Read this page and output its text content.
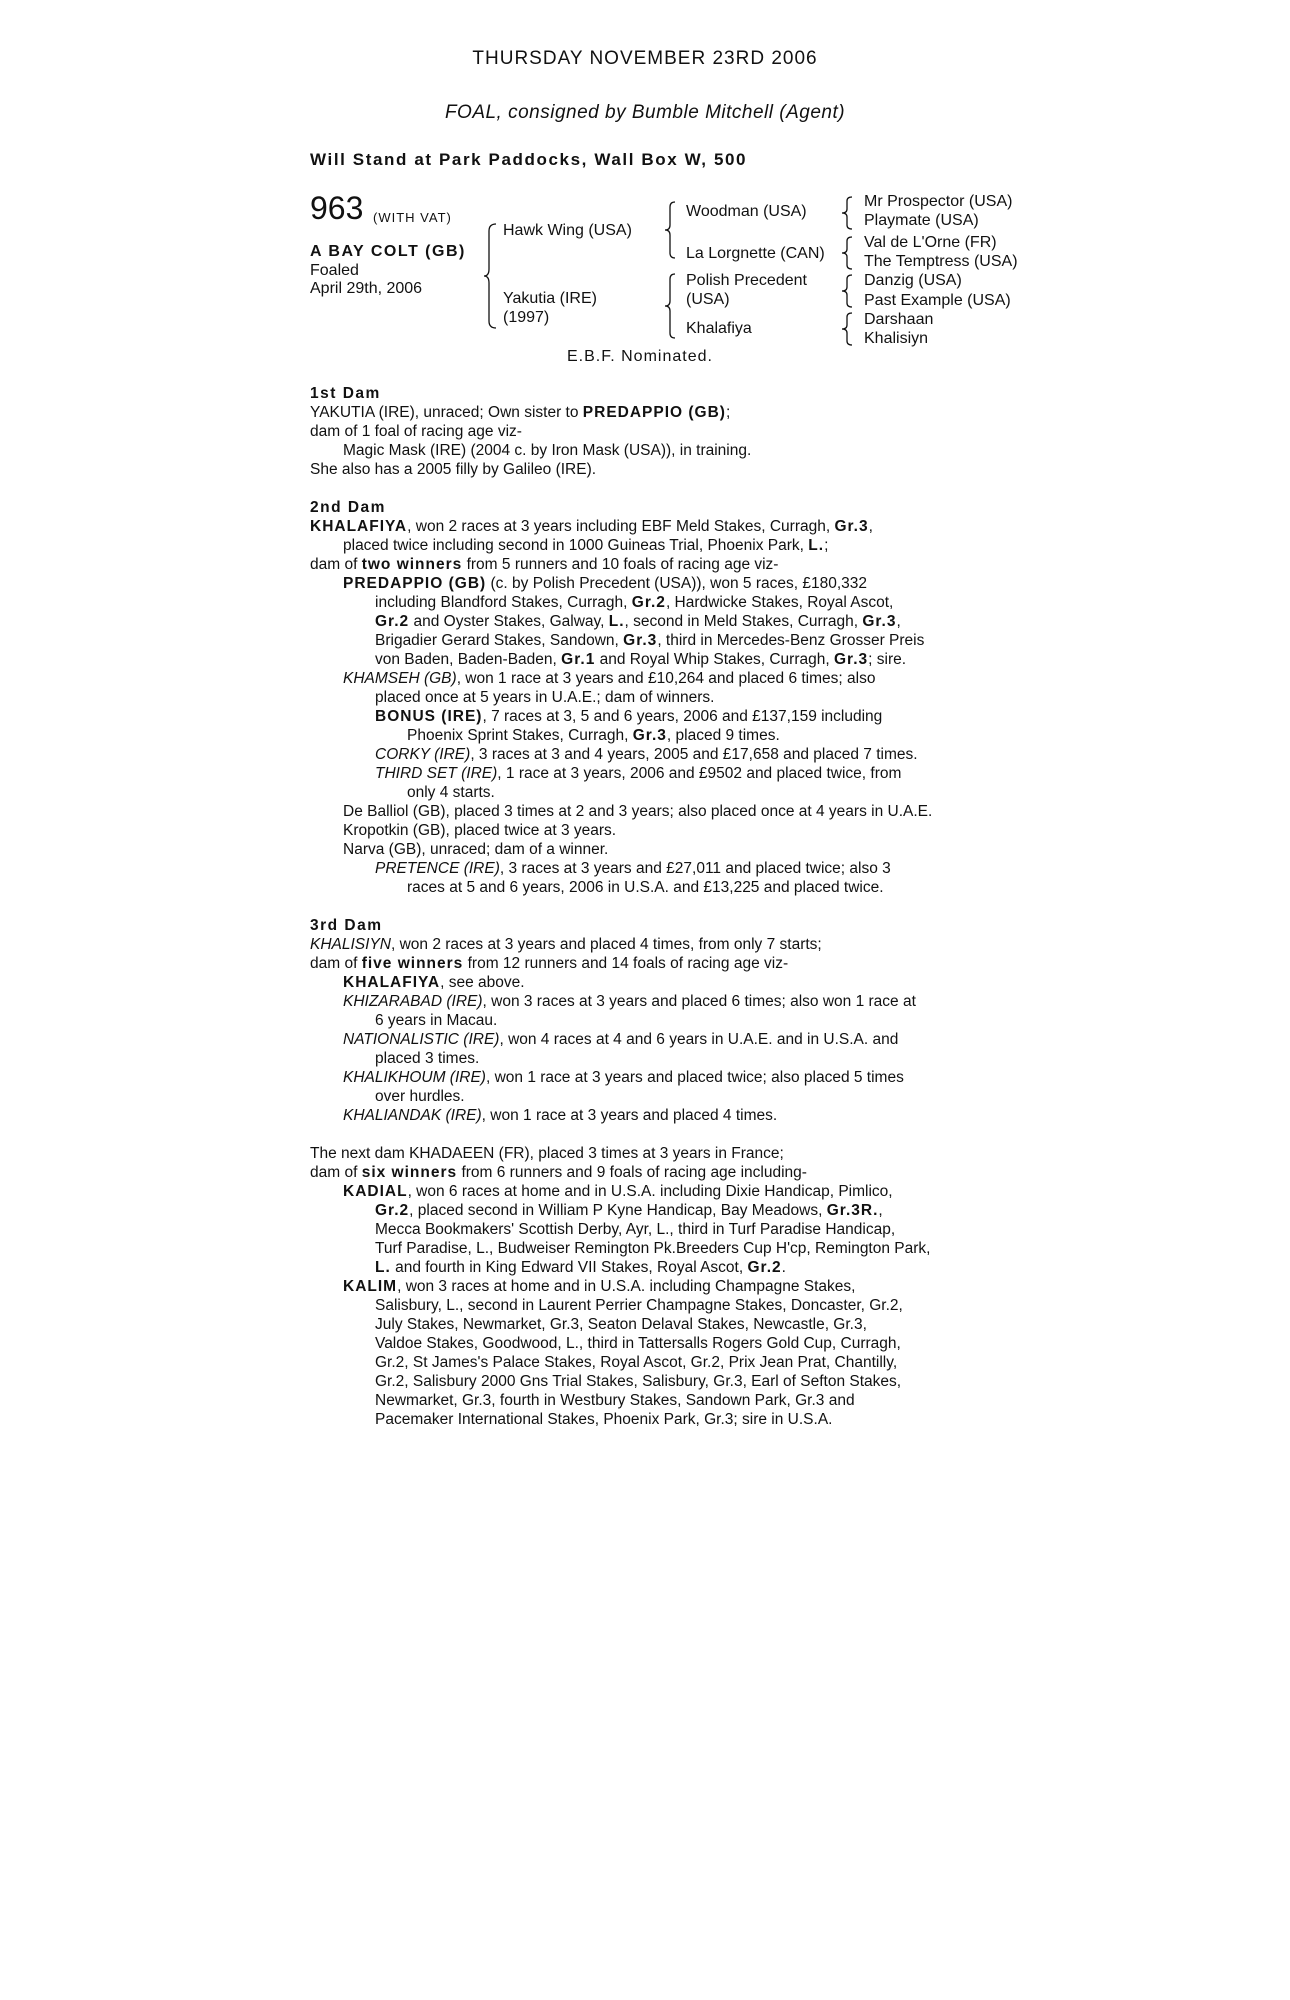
THURSDAY NOVEMBER 23RD 2006
FOAL, consigned by Bumble Mitchell (Agent)
Will Stand at Park Paddocks, Wall Box W, 500
963 (WITH VAT)
A BAY COLT (GB)
Foaled
April 29th, 2006
Hawk Wing (USA)
Yakutia (IRE)
(1997)
Woodman (USA)
La Lorgnette (CAN)
Polish Precedent
(USA)
Khalafiya
Mr Prospector (USA)
Playmate (USA)
Val de L'Orne (FR)
The Temptress (USA)
Danzig (USA)
Past Example (USA)
Darshaan
Khalisiyn
E.B.F. Nominated.
1st Dam
YAKUTIA (IRE), unraced; Own sister to PREDAPPIO (GB);
dam of 1 foal of racing age viz-
Magic Mask (IRE) (2004 c. by Iron Mask (USA)), in training.
She also has a 2005 filly by Galileo (IRE).
2nd Dam
KHALAFIYA, won 2 races at 3 years including EBF Meld Stakes, Curragh, Gr.3,
placed twice including second in 1000 Guineas Trial, Phoenix Park, L.;
dam of two winners from 5 runners and 10 foals of racing age viz-
PREDAPPIO (GB) (c. by Polish Precedent (USA)), won 5 races, £180,332
including Blandford Stakes, Curragh, Gr.2, Hardwicke Stakes, Royal Ascot,
Gr.2 and Oyster Stakes, Galway, L., second in Meld Stakes, Curragh, Gr.3,
Brigadier Gerard Stakes, Sandown, Gr.3, third in Mercedes-Benz Grosser Preis
von Baden, Baden-Baden, Gr.1 and Royal Whip Stakes, Curragh, Gr.3; sire.
KHAMSEH (GB), won 1 race at 3 years and £10,264 and placed 6 times; also
placed once at 5 years in U.A.E.; dam of winners.
BONUS (IRE), 7 races at 3, 5 and 6 years, 2006 and £137,159 including
Phoenix Sprint Stakes, Curragh, Gr.3, placed 9 times.
CORKY (IRE), 3 races at 3 and 4 years, 2005 and £17,658 and placed 7 times.
THIRD SET (IRE), 1 race at 3 years, 2006 and £9502 and placed twice, from
only 4 starts.
De Balliol (GB), placed 3 times at 2 and 3 years; also placed once at 4 years in U.A.E.
Kropotkin (GB), placed twice at 3 years.
Narva (GB), unraced; dam of a winner.
PRETENCE (IRE), 3 races at 3 years and £27,011 and placed twice; also 3
races at 5 and 6 years, 2006 in U.S.A. and £13,225 and placed twice.
3rd Dam
KHALISIYN, won 2 races at 3 years and placed 4 times, from only 7 starts;
dam of five winners from 12 runners and 14 foals of racing age viz-
KHALAFIYA, see above.
KHIZARABAD (IRE), won 3 races at 3 years and placed 6 times; also won 1 race at
6 years in Macau.
NATIONALISTIC (IRE), won 4 races at 4 and 6 years in U.A.E. and in U.S.A. and
placed 3 times.
KHALIKHOUM (IRE), won 1 race at 3 years and placed twice; also placed 5 times
over hurdles.
KHALIANDAK (IRE), won 1 race at 3 years and placed 4 times.
The next dam KHADAEEN (FR), placed 3 times at 3 years in France;
dam of six winners from 6 runners and 9 foals of racing age including-
KADIAL, won 6 races at home and in U.S.A. including Dixie Handicap, Pimlico,
Gr.2, placed second in William P Kyne Handicap, Bay Meadows, Gr.3R.,
Mecca Bookmakers' Scottish Derby, Ayr, L., third in Turf Paradise Handicap,
Turf Paradise, L., Budweiser Remington Pk.Breeders Cup H'cp, Remington Park,
L. and fourth in King Edward VII Stakes, Royal Ascot, Gr.2.
KALIM, won 3 races at home and in U.S.A. including Champagne Stakes,
Salisbury, L., second in Laurent Perrier Champagne Stakes, Doncaster, Gr.2,
July Stakes, Newmarket, Gr.3, Seaton Delaval Stakes, Newcastle, Gr.3,
Valdoe Stakes, Goodwood, L., third in Tattersalls Rogers Gold Cup, Curragh,
Gr.2, St James's Palace Stakes, Royal Ascot, Gr.2, Prix Jean Prat, Chantilly,
Gr.2, Salisbury 2000 Gns Trial Stakes, Salisbury, Gr.3, Earl of Sefton Stakes,
Newmarket, Gr.3, fourth in Westbury Stakes, Sandown Park, Gr.3 and
Pacemaker International Stakes, Phoenix Park, Gr.3; sire in U.S.A.
